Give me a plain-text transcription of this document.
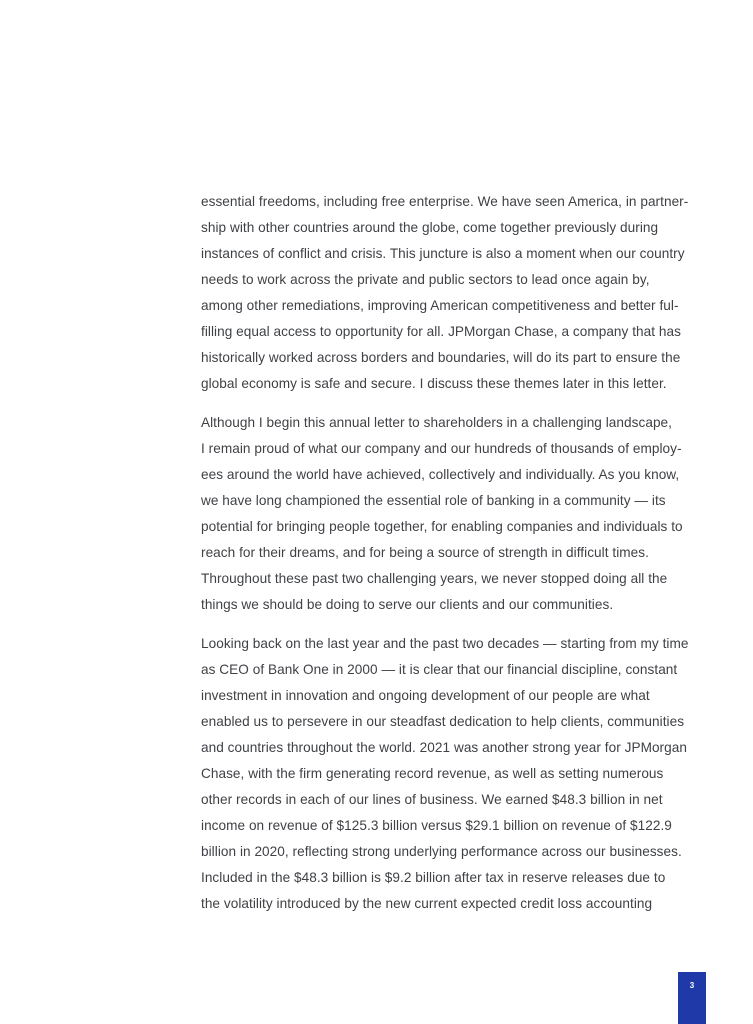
essential freedoms, including free enterprise. We have seen America, in partner-
ship with other countries around the globe, come together previously during
instances of conflict and crisis. This juncture is also a moment when our country
needs to work across the private and public sectors to lead once again by,
among other remediations, improving American competitiveness and better ful-
filling equal access to opportunity for all. JPMorgan Chase, a company that has
historically worked across borders and boundaries, will do its part to ensure the
global economy is safe and secure. I discuss these themes later in this letter.

Although I begin this annual letter to shareholders in a challenging landscape,
I remain proud of what our company and our hundreds of thousands of employ-
ees around the world have achieved, collectively and individually. As you know,
we have long championed the essential role of banking in a community — its
potential for bringing people together, for enabling companies and individuals to
reach for their dreams, and for being a source of strength in difficult times.
Throughout these past two challenging years, we never stopped doing all the
things we should be doing to serve our clients and our communities.

Looking back on the last year and the past two decades — starting from my time
as CEO of Bank One in 2000 — it is clear that our financial discipline, constant
investment in innovation and ongoing development of our people are what
enabled us to persevere in our steadfast dedication to help clients, communities
and countries throughout the world. 2021 was another strong year for JPMorgan
Chase, with the firm generating record revenue, as well as setting numerous
other records in each of our lines of business. We earned $48.3 billion in net
income on revenue of $125.3 billion versus $29.1 billion on revenue of $122.9
billion in 2020, reflecting strong underlying performance across our businesses.
Included in the $48.3 billion is $9.2 billion after tax in reserve releases due to
the volatility introduced by the new current expected credit loss accounting

3
